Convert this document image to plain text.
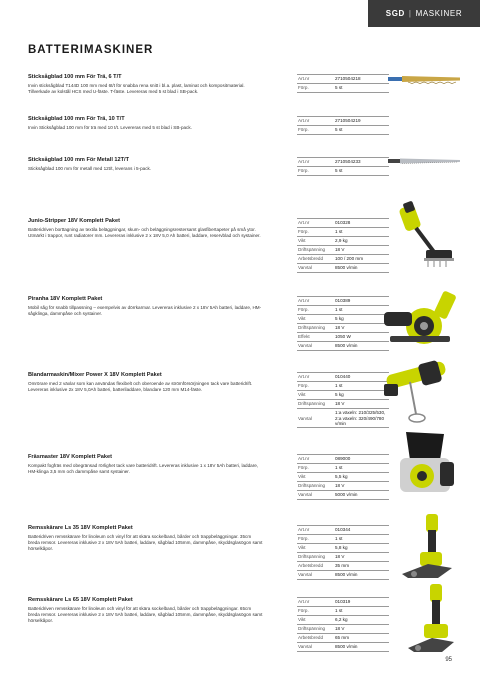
SGD | MASKINER
BATTERIMASKINER
Sticksågblad 100 mm För Trä, 6 T/T
Invin sticksågblad T144D 100 mm med 6t/t för snabba rena snitt i bl.a. plast, laminat och kompositmaterial. Tillverkade av kolstål HCS med U-fäste. T-fäste. Levereras med 5 st blad i SB-pack.
Art.nr	2710504218
Förp.	5 st
Sticksågblad 100 mm För Trä, 10 T/T
Invin Sticksågblad 100 mm för trä med 10 t/t. Levereras med 5 st blad i SB-pack.
Art.nr	2710504219
Förp.	5 st
Sticksågblad 100 mm För Metall 12T/T
Sticksågblad 100 mm för metall med 12t/t, leverans i 5-pack.
Art.nr	2710504233
Förp.	5 st
Junio-Stripper 18V Komplett Paket
Batteridriven borttagning av textila beläggningar, skum- och beläggningsrestersamt glasfibertapeter på små ytor. Utmärkt i trappor, runt radiatorer mm. Levereras inklusive 2 x 18V 5,0 Ah batteri, laddare, reservblad och systainer.
Art.nr	010328
Förp.	1 st
Vikt	2,9 kg
Driftspänning	18 V
Arbetsbredd	100 / 200 mm
Varvtal	8500 v/min
Piranha 18V Komplett Paket
Mobil såg för snabb tillpassning – exempelvis av dörrkarmar. Levereras inklusive 2 x 18V 5Ah batteri, laddare, HM-sågklinga, dammpåse och systainer.
Art.nr	010389
Förp.	1 st
Vikt	5 kg
Driftspänning	18 V
Effekt	1050 W
Varvtal	8500 v/min
Blandarmaskin/Mixer Power X 18V Komplett Paket
Omrörare med 2 växlar som kan användas flexibelt och oberoende av strömförsörjningen tack vare batteridrift. Levereras inklusive 2x 18V 5,0Ah batteri, batteriladdare, blandare 120 mm M14-fäste.
Art.nr	010440
Förp.	1 st
Vikt	5 kg
Driftspänning	18 V
Varvtal	1:a växeln: 210/325/530, 2:a växeln: 320/490/780 v/min
Fräsmaster 18V Komplett Paket
Kompakt fogfräs med obegränsad rörlighet tack vare batteridrift. Levereras inklusive 1 x 18V 5Ah batteri, laddare, HM-klinga 3,5 mm och dammpåse samt systainer.
Art.nr	089000
Förp.	1 st
Vikt	5,5 kg
Driftspänning	18 V
Varvtal	5000 v/min
Remsskärare Ls 35 18V Komplett Paket
Batteridriven remsskärare för linoleum och vinyl för att skära sockelband, bårder och trappbeläggningar. 35cm breda remsor. Levereras inklusive 2 x 18V 5Ah batteri, laddare, sågblad 105mm, dammpåse, skyddsglasögon samt hörselkåpor.
Art.nr	010344
Förp.	1 st
Vikt	5,8 kg
Driftspänning	18 V
Arbetsbredd	35 mm
Varvtal	8500 v/min
Remsskärare Ls 65 18V Komplett Paket
Batteridriven remsskärare för linoleum och vinyl för att skära sockelband, bårder och trappbeläggningar. 65cm breda remsor. Levereras inklusive 2 x 18V 5Ah batteri, laddare, sågblad 105mm, dammpåse, skyddsglasögon samt hörselkåpor.
Art.nr	010319
Förp.	1 st
Vikt	6,2 kg
Driftspänning	18 V
Arbetsbredd	65 mm
Varvtal	8500 v/min
95
